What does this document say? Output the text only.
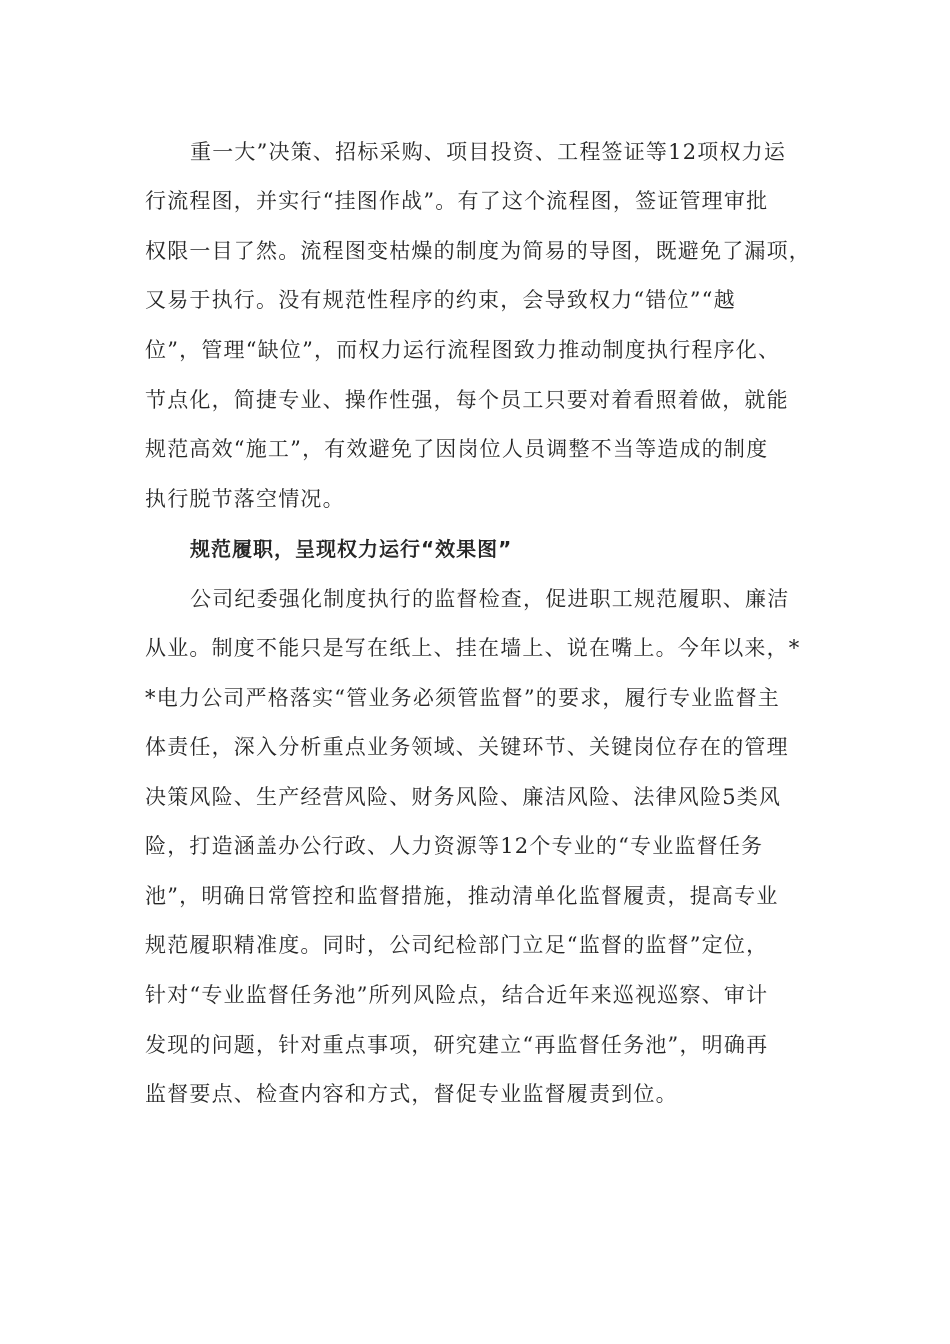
重一大”决策、招标采购、项目投资、工程签证等12项权力运
行流程图，并实行“挂图作战”。有了这个流程图，签证管理审批
权限一目了然。流程图变枯燥的制度为简易的导图，既避免了漏项，
又易于执行。没有规范性程序的约束，会导致权力“错位”“越
位”，管理“缺位”，而权力运行流程图致力推动制度执行程序化、
节点化，简捷专业、操作性强，每个员工只要对着看照着做，就能
规范高效“施工”，有效避免了因岗位人员调整不当等造成的制度
执行脱节落空情况。
规范履职，呈现权力运行“效果图”
公司纪委强化制度执行的监督检查，促进职工规范履职、廉洁
从业。制度不能只是写在纸上、挂在墙上、说在嘴上。今年以来，*
*电力公司严格落实“管业务必须管监督”的要求，履行专业监督主
体责任，深入分析重点业务领域、关键环节、关键岗位存在的管理
决策风险、生产经营风险、财务风险、廉洁风险、法律风险5类风
险，打造涵盖办公行政、人力资源等12个专业的“专业监督任务
池”，明确日常管控和监督措施，推动清单化监督履责，提高专业
规范履职精准度。同时，公司纪检部门立足“监督的监督”定位，
针对“专业监督任务池”所列风险点，结合近年来巡视巡察、审计
发现的问题，针对重点事项，研究建立“再监督任务池”，明确再
监督要点、检查内容和方式，督促专业监督履责到位。
